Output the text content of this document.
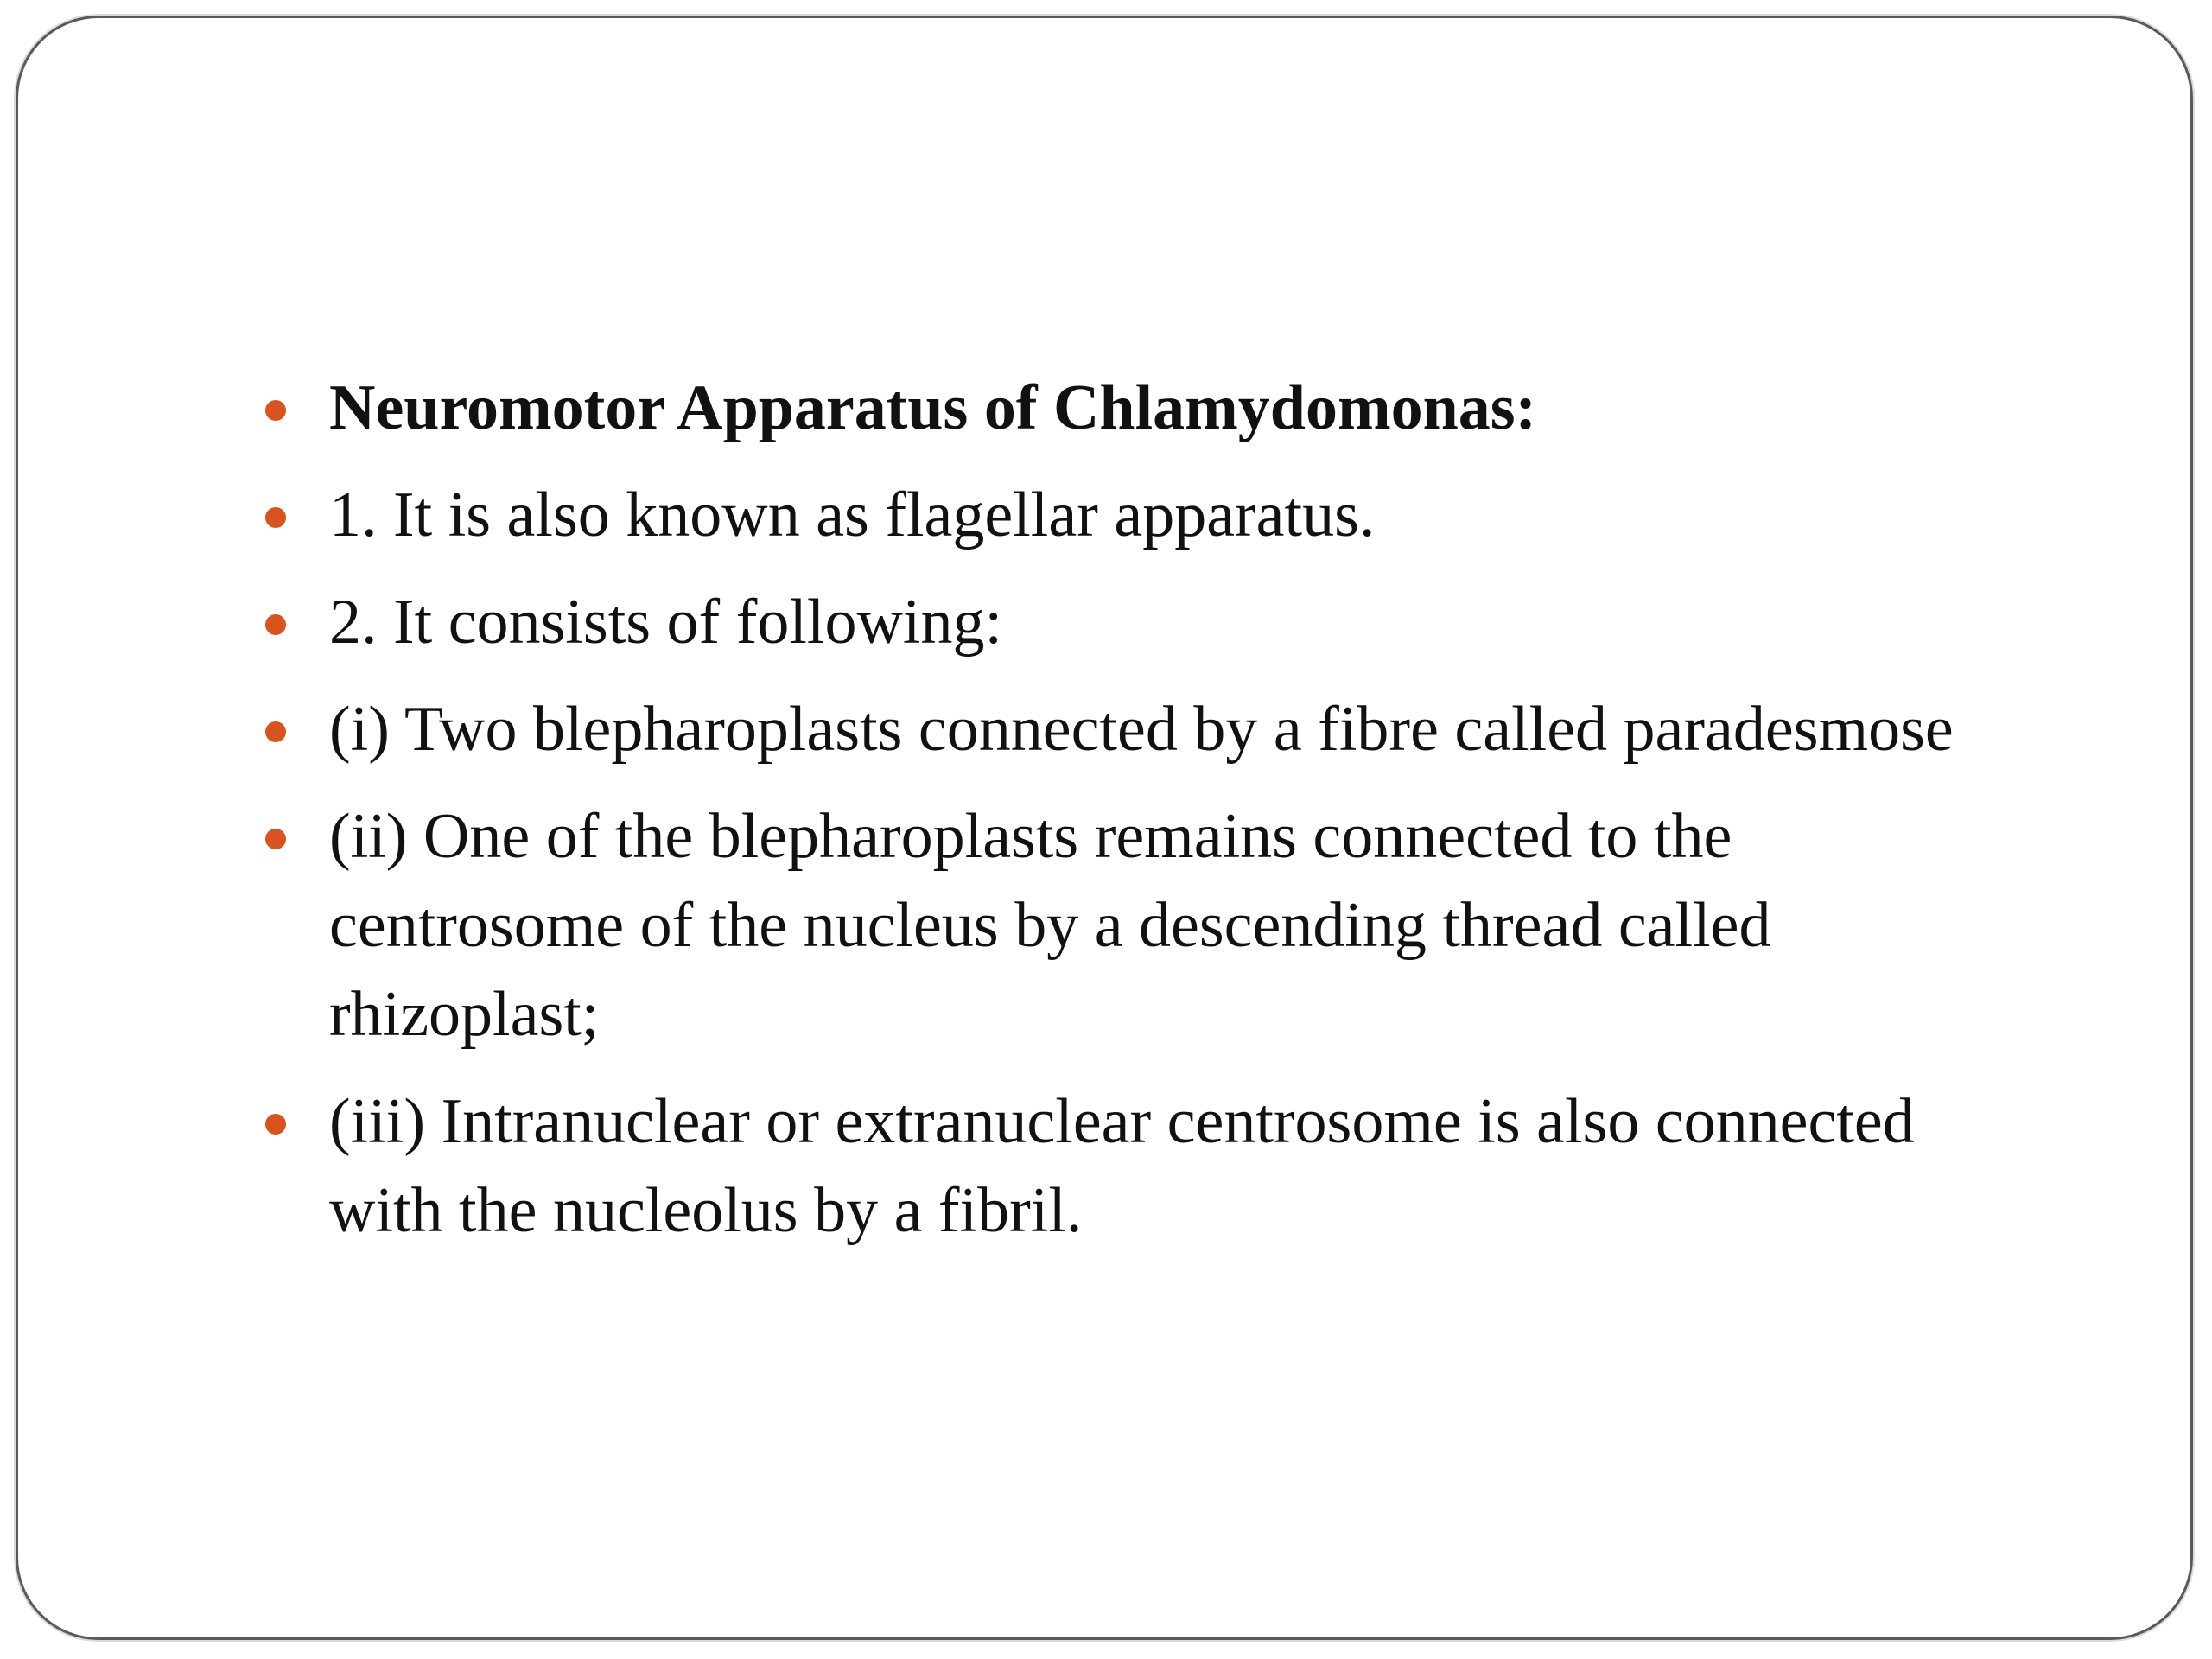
Neuromotor Apparatus of Chlamydomonas:
1. It is also known as flagellar apparatus.
2. It consists of following:
(i) Two blepharoplasts connected by a fibre called paradesmose
(ii) One of the blepharoplasts remains connected to the centrosome of the nucleus by a descending thread called rhizoplast;
(iii) Intranuclear or extranuclear centrosome is also connected with the nucleolus by a fibril.
